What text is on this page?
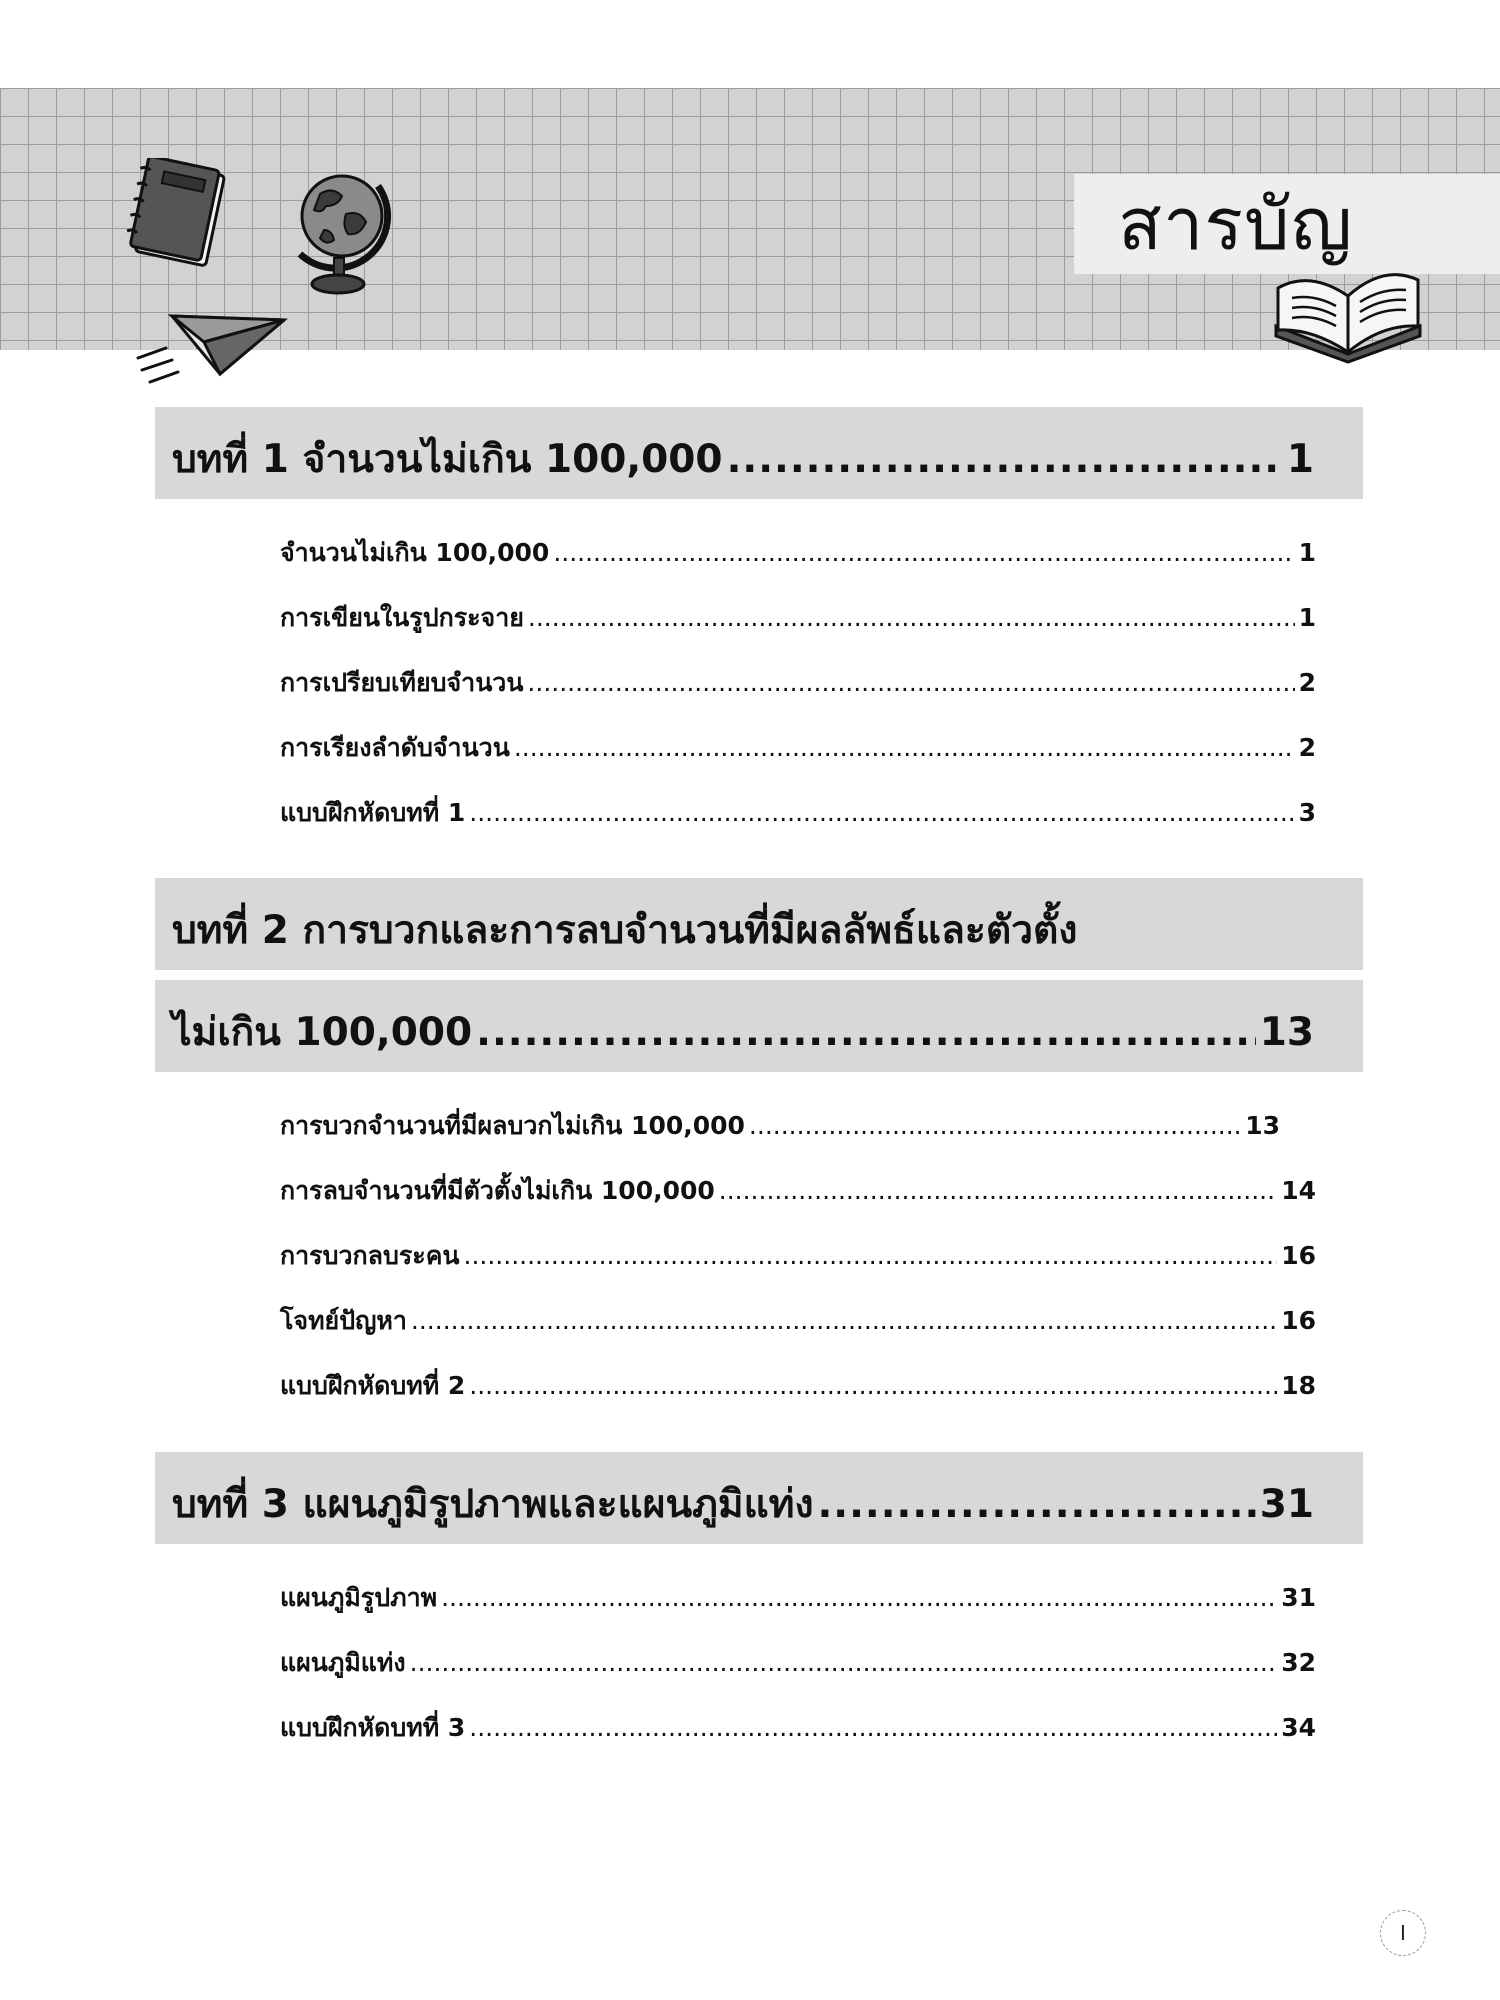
สารบัญ
บทที่ 1 จำนวนไม่เกิน 100,000 .....	1
จำนวนไม่เกิน 100,000 .....	1
การเขียนในรูปกระจาย .....	1
การเปรียบเทียบจำนวน .....	2
การเรียงลำดับจำนวน .....	2
แบบฝึกหัดบทที่ 1 .....	3
บทที่ 2 การบวกและการลบจำนวนที่มีผลลัพธ์และตัวตั้ง
ไม่เกิน 100,000 .....	13
การบวกจำนวนที่มีผลบวกไม่เกิน 100,000 .....	13
การลบจำนวนที่มีตัวตั้งไม่เกิน 100,000 .....	14
การบวกลบระคน .....	16
โจทย์ปัญหา .....	16
แบบฝึกหัดบทที่ 2 .....	18
บทที่ 3 แผนภูมิรูปภาพและแผนภูมิแท่ง .....	31
แผนภูมิรูปภาพ .....	31
แผนภูมิแท่ง .....	32
แบบฝึกหัดบทที่ 3 .....	34
I
